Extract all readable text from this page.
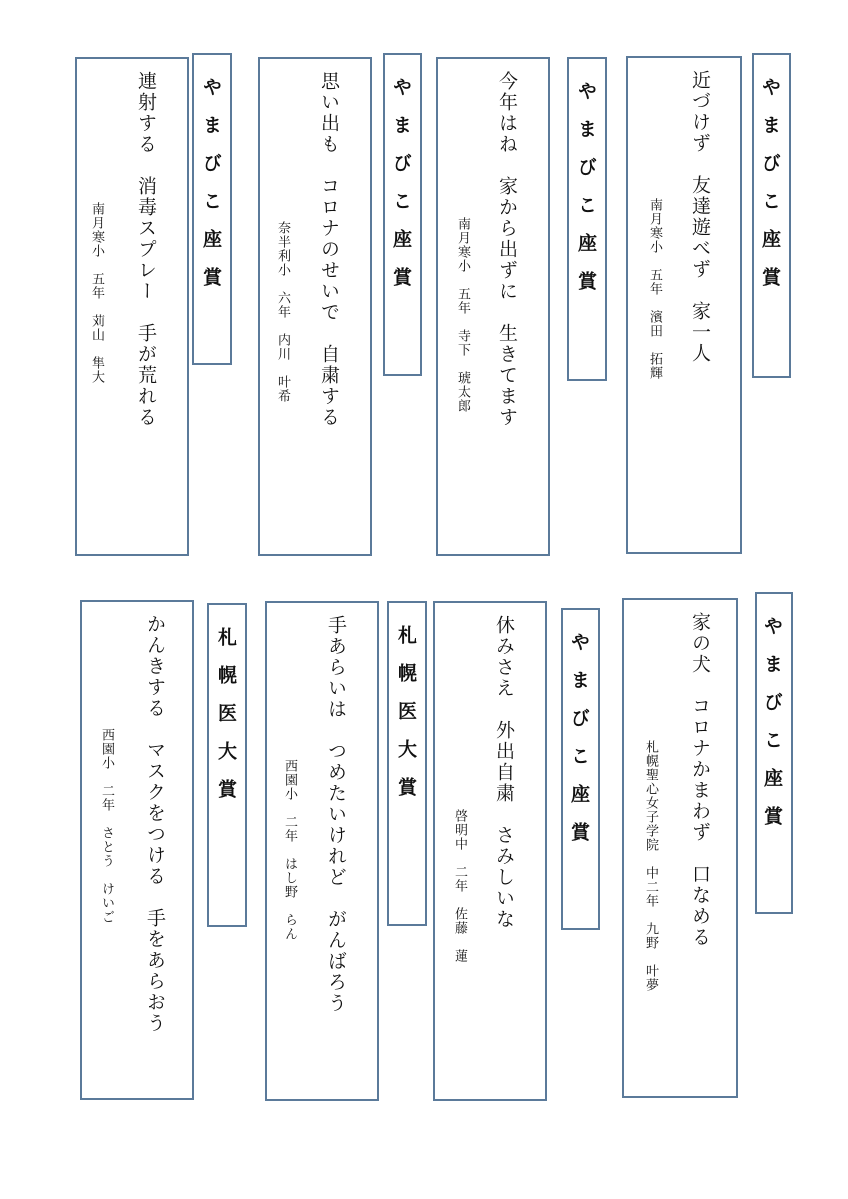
やまびこ座賞
近づけず　友達遊べず　家一人
南月寒小　五年　濱田　拓輝
やまびこ座賞
今年はね　家から出ずに　生きてます
南月寒小　五年　寺下　琥太郎
やまびこ座賞
思い出も　コロナのせいで　自粛する
奈半利小　六年　内川　叶希
やまびこ座賞
連射する　消毒スプレー　手が荒れる
南月寒小　五年　苅山　隼大
やまびこ座賞
家の犬　コロナかまわず　口なめる
札幌聖心女子学院　中二年　九野　叶夢
やまびこ座賞
休みさえ　外出自粛　さみしいな
啓明中　二年　佐藤　蓮
札幌医大賞
手あらいは　つめたいけれど　がんばろう
西園小　二年　はし野　らん
札幌医大賞
かんきする　マスクをつける　手をあらおう
西園小　二年　さとう　けいご
